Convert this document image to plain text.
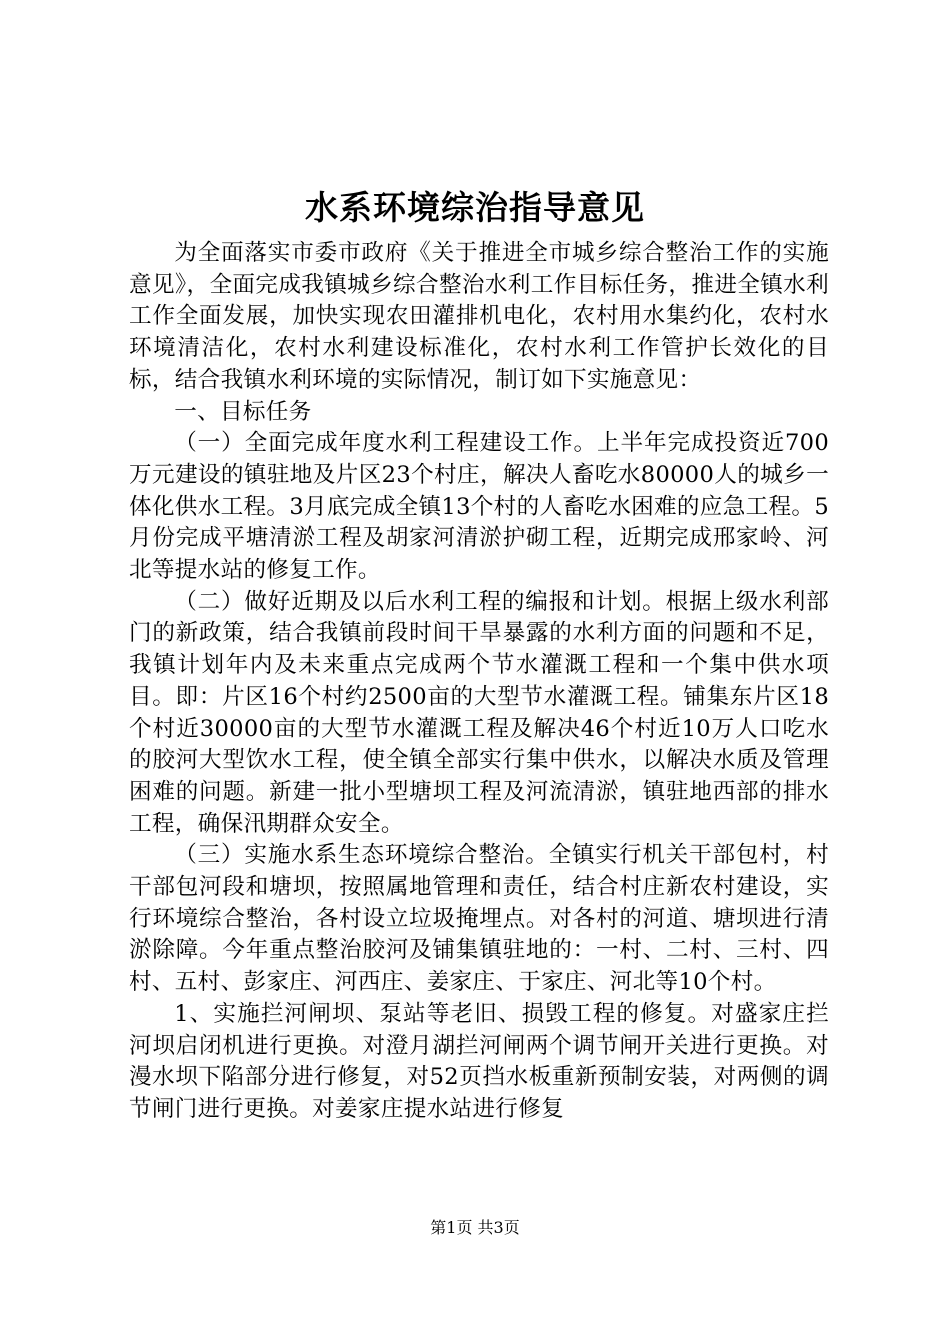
水系环境综治指导意见

为全面落实市委市政府《关于推进全市城乡综合整治工作的实施意见》，全面完成我镇城乡综合整治水利工作目标任务，推进全镇水利工作全面发展，加快实现农田灌排机电化，农村用水集约化，农村水环境清洁化，农村水利建设标准化，农村水利工作管护长效化的目标，结合我镇水利环境的实际情况，制订如下实施意见：

一、目标任务

（一）全面完成年度水利工程建设工作。上半年完成投资近700万元建设的镇驻地及片区23个村庄，解决人畜吃水80000人的城乡一体化供水工程。3月底完成全镇13个村的人畜吃水困难的应急工程。5月份完成平塘清淤工程及胡家河清淤护砌工程，近期完成邢家岭、河北等提水站的修复工作。

（二）做好近期及以后水利工程的编报和计划。根据上级水利部门的新政策，结合我镇前段时间干旱暴露的水利方面的问题和不足，我镇计划年内及未来重点完成两个节水灌溉工程和一个集中供水项目。即：片区16个村约2500亩的大型节水灌溉工程。铺集东片区18个村近30000亩的大型节水灌溉工程及解决46个村近10万人口吃水的胶河大型饮水工程，使全镇全部实行集中供水，以解决水质及管理困难的问题。新建一批小型塘坝工程及河流清淤，镇驻地西部的排水工程，确保汛期群众安全。

（三）实施水系生态环境综合整治。全镇实行机关干部包村，村干部包河段和塘坝，按照属地管理和责任，结合村庄新农村建设，实行环境综合整治，各村设立垃圾掩埋点。对各村的河道、塘坝进行清淤除障。今年重点整治胶河及铺集镇驻地的：一村、二村、三村、四村、五村、彭家庄、河西庄、姜家庄、于家庄、河北等10个村。

1、实施拦河闸坝、泵站等老旧、损毁工程的修复。对盛家庄拦河坝启闭机进行更换。对澄月湖拦河闸两个调节闸开关进行更换。对漫水坝下陷部分进行修复，对52页挡水板重新预制安装，对两侧的调节闸门进行更换。对姜家庄提水站进行修复

第1页 共3页
